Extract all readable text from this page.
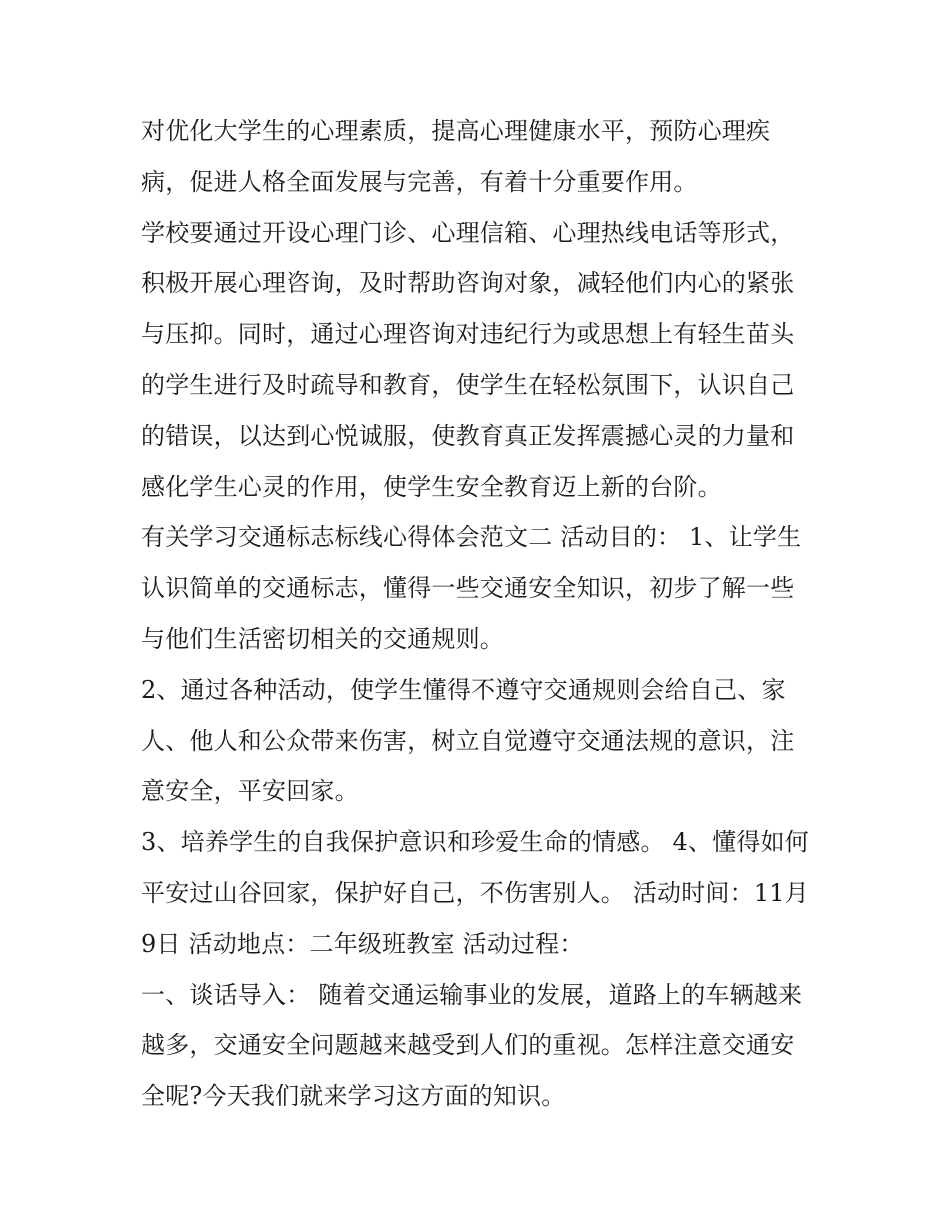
对优化大学生的心理素质，提高心理健康水平，预防心理疾病，促进人格全面发展与完善，有着十分重要作用。

学校要通过开设心理门诊、心理信箱、心理热线电话等形式，积极开展心理咨询，及时帮助咨询对象，减轻他们内心的紧张与压抑。同时，通过心理咨询对违纪行为或思想上有轻生苗头的学生进行及时疏导和教育，使学生在轻松氛围下，认识自己的错误，以达到心悦诚服，使教育真正发挥震撼心灵的力量和感化学生心灵的作用，使学生安全教育迈上新的台阶。

有关学习交通标志标线心得体会范文二 活动目的： 1、让学生认识简单的交通标志，懂得一些交通安全知识，初步了解一些与他们生活密切相关的交通规则。

2、通过各种活动，使学生懂得不遵守交通规则会给自己、家人、他人和公众带来伤害，树立自觉遵守交通法规的意识，注意安全，平安回家。

3、培养学生的自我保护意识和珍爱生命的情感。 4、懂得如何平安过山谷回家，保护好自己，不伤害别人。 活动时间：11月9日 活动地点：二年级班教室 活动过程：

一、谈话导入： 随着交通运输事业的发展，道路上的车辆越来越多，交通安全问题越来越受到人们的重视。怎样注意交通安全呢?今天我们就来学习这方面的知识。
